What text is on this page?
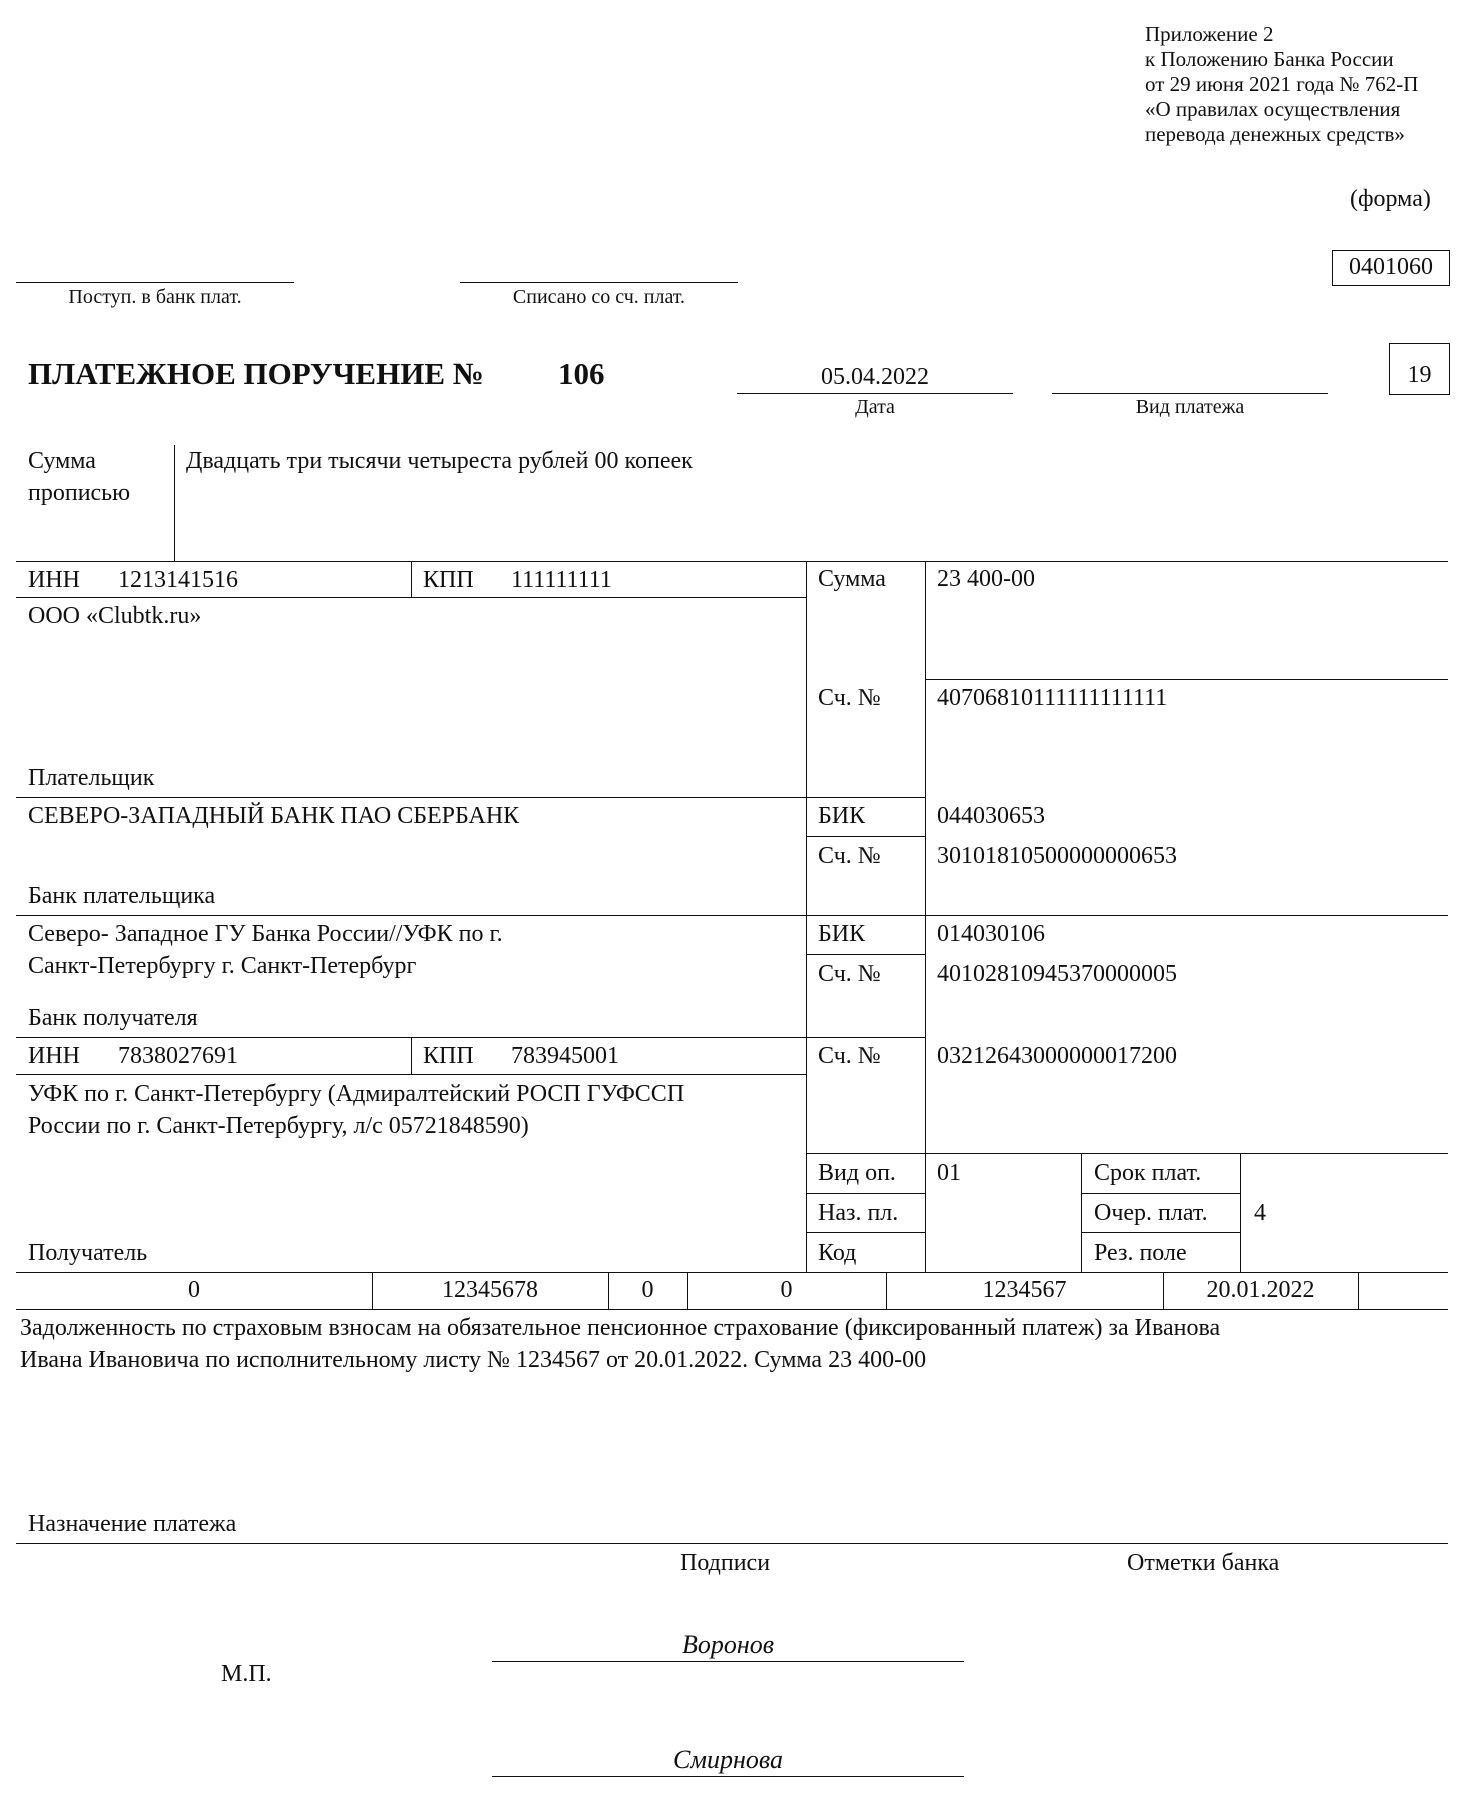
Приложение 2
к Положению Банка России
от 29 июня 2021 года № 762-П
«О правилах осуществления
перевода денежных средств»
(форма)
0401060
Поступ. в банк плат.	Списано со сч. плат.
ПЛАТЕЖНОЕ ПОРУЧЕНИЕ № 106	05.04.2022
Дата	Вид платежа
19
Сумма
прописью
Двадцать три тысячи четыреста рублей 00 копеек
ИНН 1213141516	КПП 111111111
ООО «Clubtk.ru»
Плательщик
Сумма 23 400-00
Сч. № 40706810111111111111
СЕВЕРО-ЗАПАДНЫЙ БАНК ПАО СБЕРБАНК
Банк плательщика
БИК	044030653
Сч. № 30101810500000000653
Северо- Западное ГУ Банка России//УФК по г.
Санкт-Петербургу г. Санкт-Петербург
Банк получателя
БИК	014030106
Сч. № 40102810945370000005
ИНН 7838027691	КПП 783945001
УФК по г. Санкт-Петербургу (Адмиралтейский РОСП ГУФССП
России по г. Санкт-Петербургу, л/с 05721848590)
Получатель
Сч. № 03212643000000017200
Вид оп. 01
Наз. пл.
Код
Срок плат.
Очер. плат. 4
Рез. поле
0	12345678	0	0	1234567	20.01.2022
Задолженность по страховым взносам на обязательное пенсионное страхование (фиксированный платеж) за Иванова
Ивана Ивановича по исполнительному листу № 1234567 от 20.01.2022. Сумма 23 400-00
Назначение платежа
Подписи	Отметки банка
Воронов
М.П.
Смирнова
